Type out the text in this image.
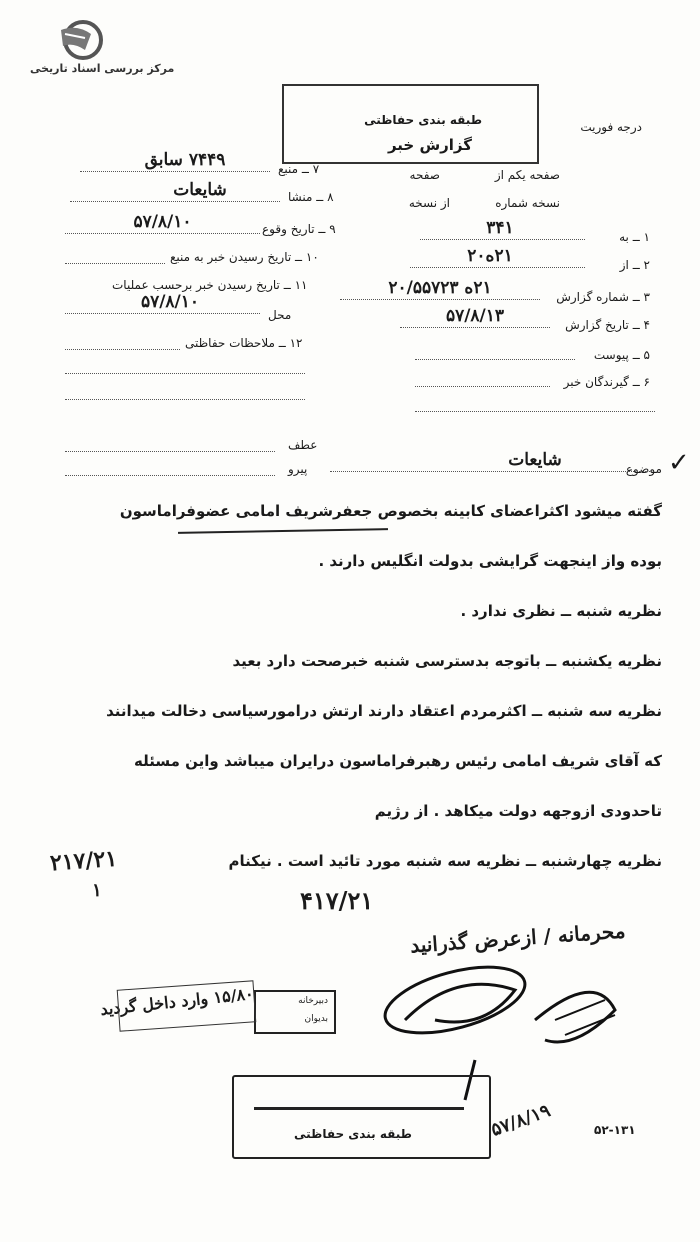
مرکز بررسی اسناد تاریخی
طبقه بندی حفاظتی
گزارش خبر
درجه فوریت
۷ ــ منبع
۷۴۴۹ سابق
۸ ــ منشا
شایعات
۹ ــ تاریخ وقوع
۵۷/۸/۱۰
۱۰ ــ تاریخ رسیدن خبر به منبع
۱۱ ــ تاریخ رسیدن خبر برحسب عملیات
محل
۵۷/۸/۱۰
۱۲ ــ ملاحظات حفاظتی
صفحه یکم از
صفحه
نسخه شماره
از نسخه
۱ ــ به
۳۴۱
۲ ــ از
۲۱ه۲۰
۳ ــ شماره گزارش
۲۱ه ۲۰/۵۵۷۲۳
۴ ــ تاریخ گزارش
۵۷/۸/۱۳
۵ ــ پیوست
۶ ــ گیرندگان خبر
عطف
پیرو	موضوع
شایعات	✓
گفته میشود اکثراعضای کابینه بخصوص جعفرشریف امامی عضوفراماسون
بوده واز اینجهت گرایشی بدولت انگلیس دارند .
نظریه شنبه ــ نظری ندارد .
نظریه یکشنبه ــ باتوجه بدسترسی شنبه خبرصحت دارد بعید
نظریه سه شنبه ــ اکثرمردم اعتقاد دارند ارتش درامورسیاسی دخالت میدانند
که آقای شریف امامی رئیس رهبرفراماسون درایران میباشد واین مسئله
تاحدودی ازوجهه دولت میکاهد . از رژیم
نظریه چهارشنبه ــ نظریه سه شنبه مورد تائید است . نیکنام
۲۱۷/۲۱
۱	۴۱۷/۲۱
محرمانه / ازعرض گذرانید
۵۷/۸/۱۹
دبیرخانه
بدیوان
۱۵/۸۰ وارد داخل گردید
طبقه بندی حفاظتی	۵۲-۱۳۱
